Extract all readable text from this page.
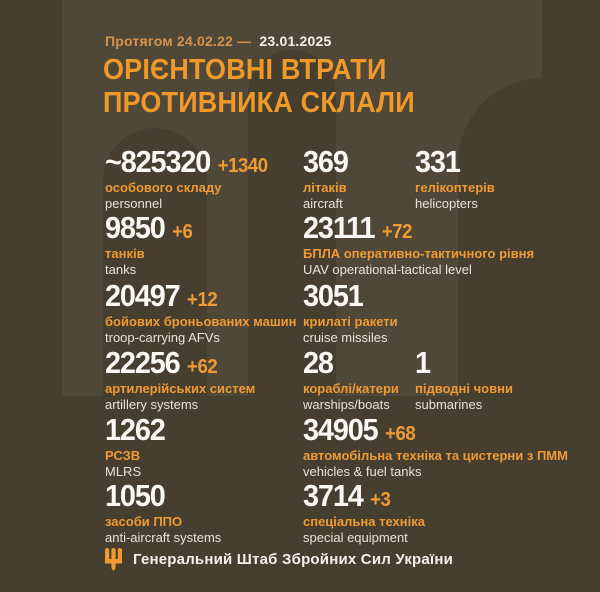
Протягом 24.02.22 — 23.01.2025
ОРІЄНТОВНІ ВТРАТИ
ПРОТИВНИКА СКЛАЛИ
~825320 +1340
особового складу
personnel
9850 +6
танків
tanks
20497 +12
бойових броньованих машин
troop-carrying AFVs
22256 +62
артилерійських систем
artillery systems
1262
РСЗВ
MLRS
1050
засоби ППО
anti-aircraft systems
369
літаків
aircraft
23111 +72
БПЛА оперативно-тактичного рівня
UAV operational-tactical level
3051
крилаті ракети
cruise missiles
28
кораблі/катери
warships/boats
34905 +68
автомобільна техніка та цистерни з ПММ
vehicles & fuel tanks
3714 +3
спеціальна техніка
special equipment
331
гелікоптерів
helicopters
1
підводні човни
submarines
Генеральний Штаб Збройних Сил України
